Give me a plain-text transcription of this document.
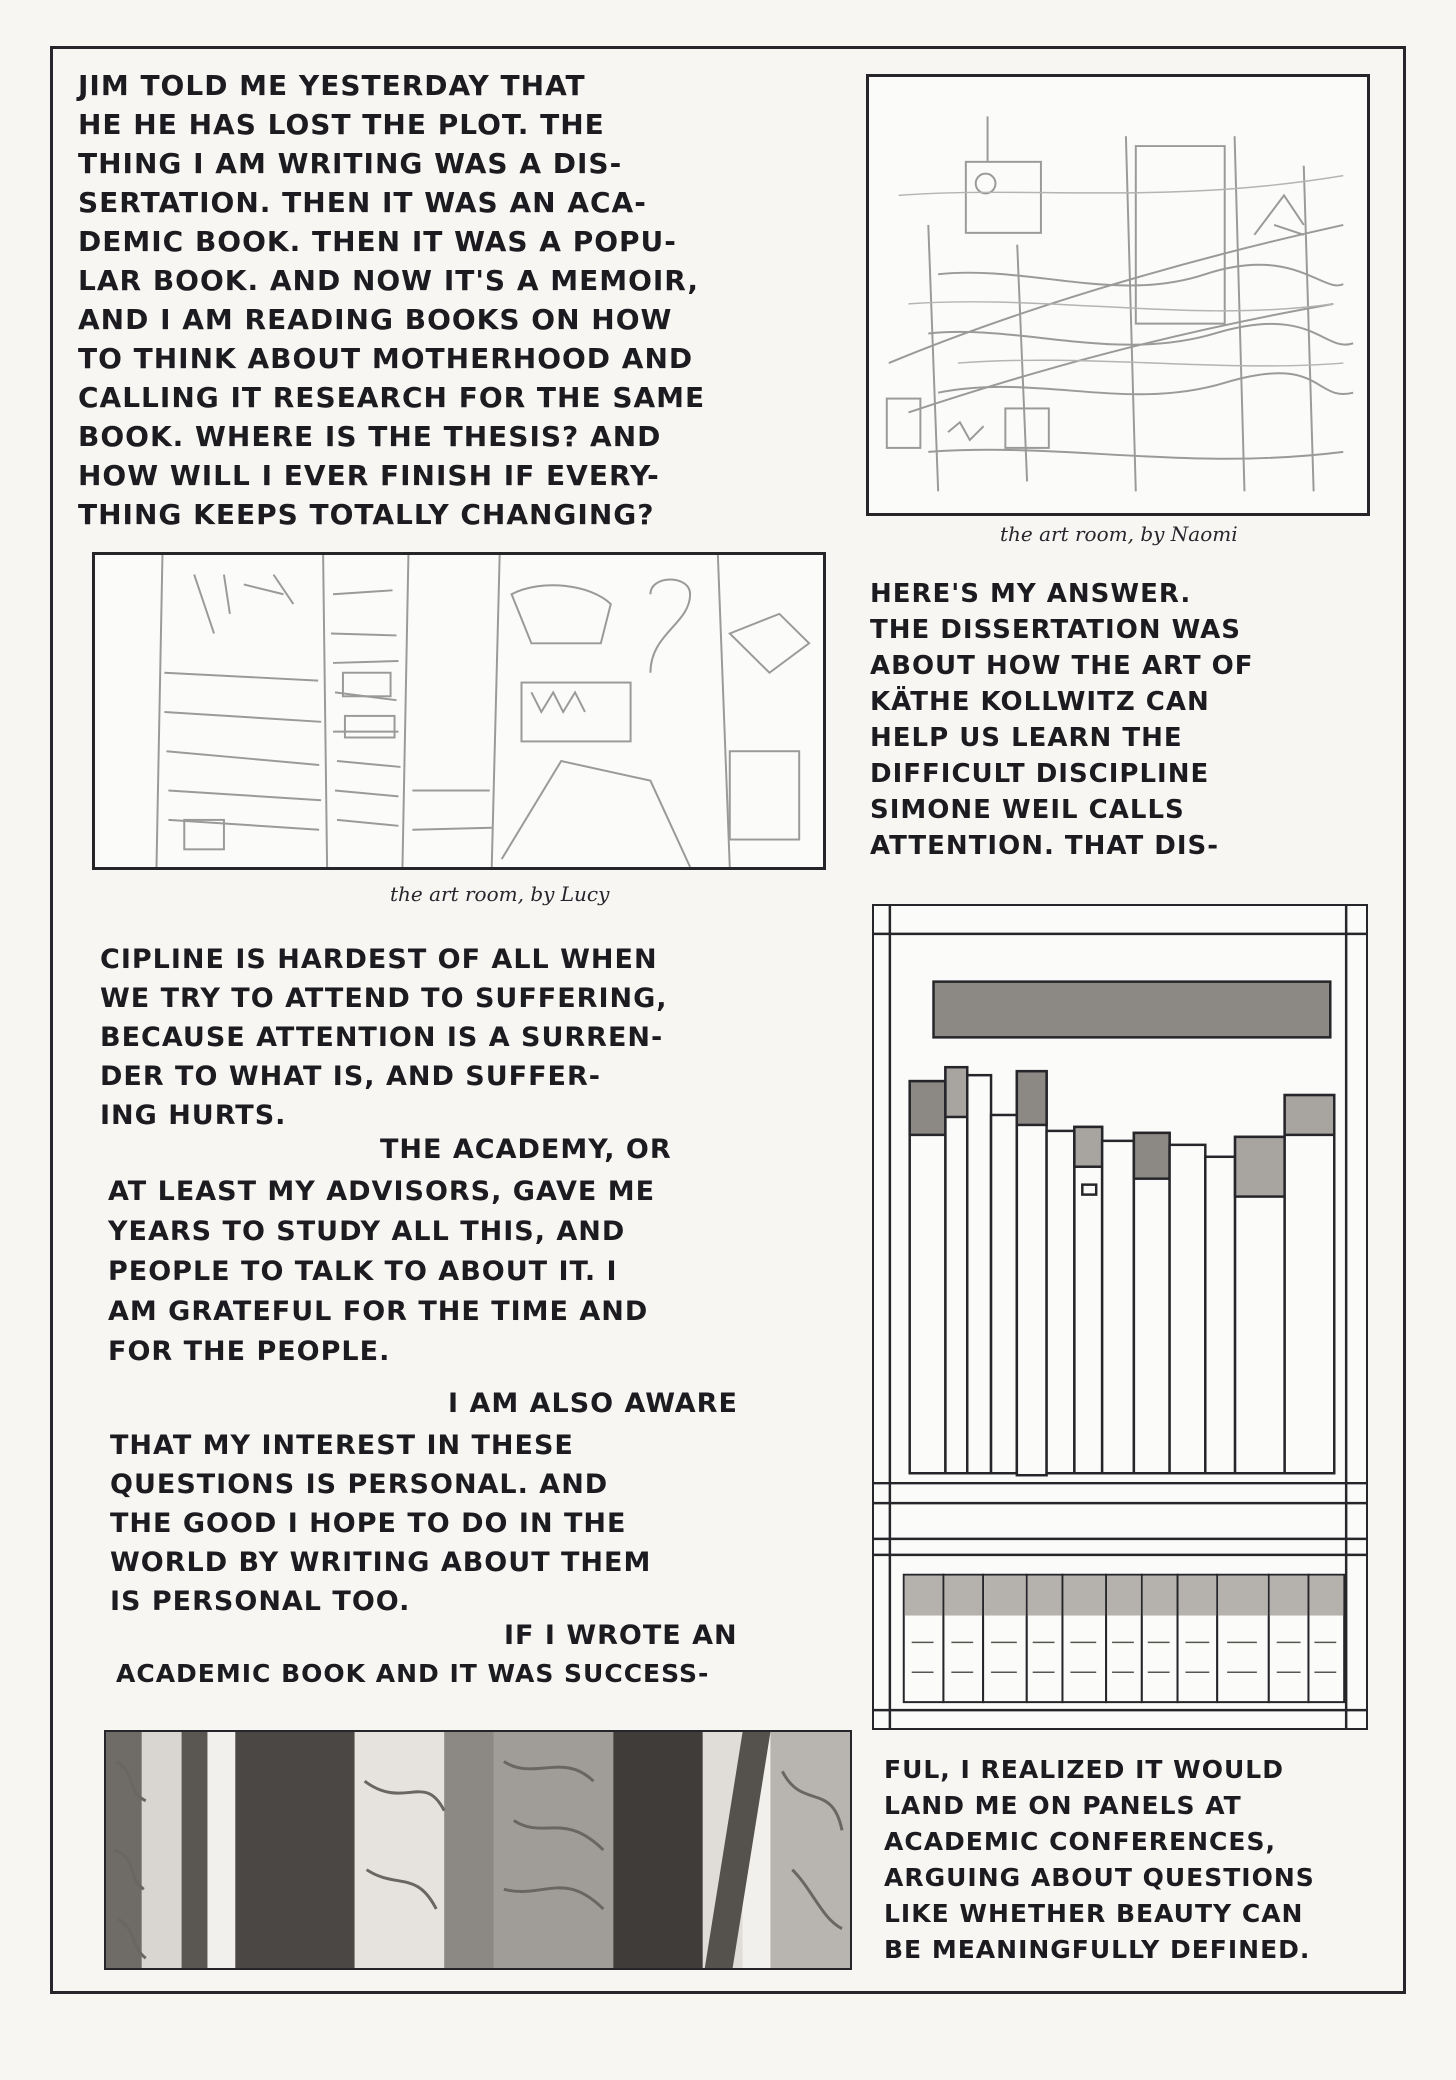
JIM TOLD ME YESTERDAY THAT
HE HE HAS LOST THE PLOT. THE
THING I AM WRITING WAS A DIS-
SERTATION. THEN IT WAS AN ACA-
DEMIC BOOK. THEN IT WAS A POPU-
LAR BOOK. AND NOW IT'S A MEMOIR,
AND I AM READING BOOKS ON HOW
TO THINK ABOUT MOTHERHOOD AND
CALLING IT RESEARCH FOR THE SAME
BOOK. WHERE IS THE THESIS? AND
HOW WILL I EVER FINISH IF EVERY-
THING KEEPS TOTALLY CHANGING?

the art room, by Naomi

the art room, by Lucy

HERE'S MY ANSWER.
THE DISSERTATION WAS
ABOUT HOW THE ART OF
KÄTHE KOLLWITZ CAN
HELP US LEARN THE
DIFFICULT DISCIPLINE
SIMONE WEIL CALLS
ATTENTION. THAT DIS-

CIPLINE IS HARDEST OF ALL WHEN
WE TRY TO ATTEND TO SUFFERING,
BECAUSE ATTENTION IS A SURREN-
DER TO WHAT IS, AND SUFFER-
ING HURTS.

THE ACADEMY, OR

AT LEAST MY ADVISORS, GAVE ME
YEARS TO STUDY ALL THIS, AND
PEOPLE TO TALK TO ABOUT IT. I
AM GRATEFUL FOR THE TIME AND
FOR THE PEOPLE.

I AM ALSO AWARE

THAT MY INTEREST IN THESE
QUESTIONS IS PERSONAL. AND
THE GOOD I HOPE TO DO IN THE
WORLD BY WRITING ABOUT THEM
IS PERSONAL TOO.

IF I WROTE AN

ACADEMIC BOOK AND IT WAS SUCCESS-

FUL, I REALIZED IT WOULD
LAND ME ON PANELS AT
ACADEMIC CONFERENCES,
ARGUING ABOUT QUESTIONS
LIKE WHETHER BEAUTY CAN
BE MEANINGFULLY DEFINED.
